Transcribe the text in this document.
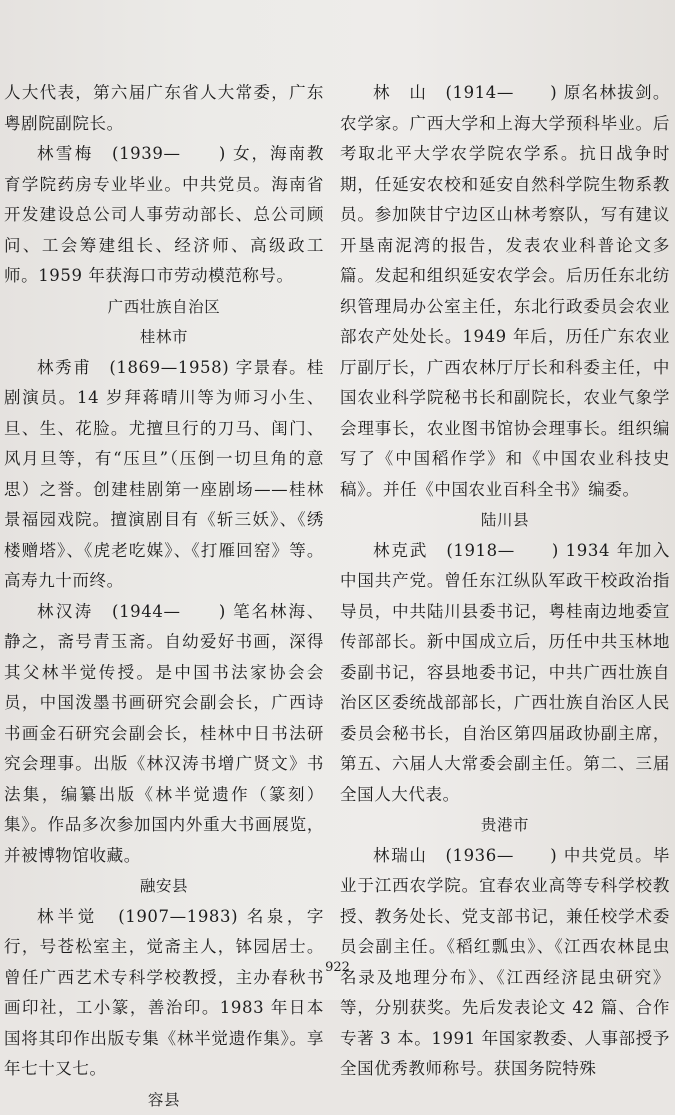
人大代表，第六届广东省人大常委，广东粤剧院副院长。

林雪梅　 (1939—　　) 女，海南教育学院药房专业毕业。中共党员。海南省开发建设总公司人事劳动部长、总公司顾问、工会筹建组长、经济师、高级政工师。1959 年获海口市劳动模范称号。

广西壮族自治区

桂林市

林秀甫　 (1869—1958) 字景春。桂剧演员。14 岁拜蒋晴川等为师习小生、旦、生、花脸。尤擅旦行的刀马、闺门、风月旦等，有“压旦”（压倒一切旦角的意思）之誉。创建桂剧第一座剧场——桂林景福园戏院。擅演剧目有《斩三妖》、《绣楼赠塔》、《虎老吃媒》、《打雁回窑》等。高寿九十而终。

林汉涛　 (1944—　　) 笔名林海、静之，斋号青玉斋。自幼爱好书画，深得其父林半觉传授。是中国书法家协会会员，中国泼墨书画研究会副会长，广西诗书画金石研究会副会长，桂林中日书法研究会理事。出版《林汉涛书增广贤文》书法集，编纂出版《林半觉遗作（篆刻）集》。作品多次参加国内外重大书画展览，并被博物馆收藏。

融安县

林半觉　 (1907—1983) 名泉，字行，号苍松室主，觉斋主人，钵园居士。曾任广西艺术专科学校教授，主办春秋书画印社，工小篆，善治印。1983 年日本国将其印作出版专集《林半觉遗作集》。享年七十又七。

容县

林　山　 (1914—　　) 原名林拔剑。农学家。广西大学和上海大学预科毕业。后考取北平大学农学院农学系。抗日战争时期，任延安农校和延安自然科学院生物系教员。参加陕甘宁边区山林考察队，写有建议开垦南泥湾的报告，发表农业科普论文多篇。发起和组织延安农学会。后历任东北纺织管理局办公室主任，东北行政委员会农业部农产处处长。1949 年后，历任广东农业厅副厅长，广西农林厅厅长和科委主任，中国农业科学院秘书长和副院长，农业气象学会理事长，农业图书馆协会理事长。组织编写了《中国稻作学》和《中国农业科技史稿》。并任《中国农业百科全书》编委。

陆川县

林克武　 (1918—　　) 1934 年加入中国共产党。曾任东江纵队军政干校政治指导员，中共陆川县委书记，粤桂南边地委宣传部部长。新中国成立后，历任中共玉林地委副书记，容县地委书记，中共广西壮族自治区区委统战部部长，广西壮族自治区人民委员会秘书长，自治区第四届政协副主席，第五、六届人大常委会副主任。第二、三届全国人大代表。

贵港市

林瑞山　 (1936—　　) 中共党员。毕业于江西农学院。宜春农业高等专科学校教授、教务处长、党支部书记，兼任校学术委员会副主任。《稻红瓢虫》、《江西农林昆虫名录及地理分布》、《江西经济昆虫研究》等，分别获奖。先后发表论文 42 篇、合作专著 3 本。1991 年国家教委、人事部授予全国优秀教师称号。获国务院特殊

922
